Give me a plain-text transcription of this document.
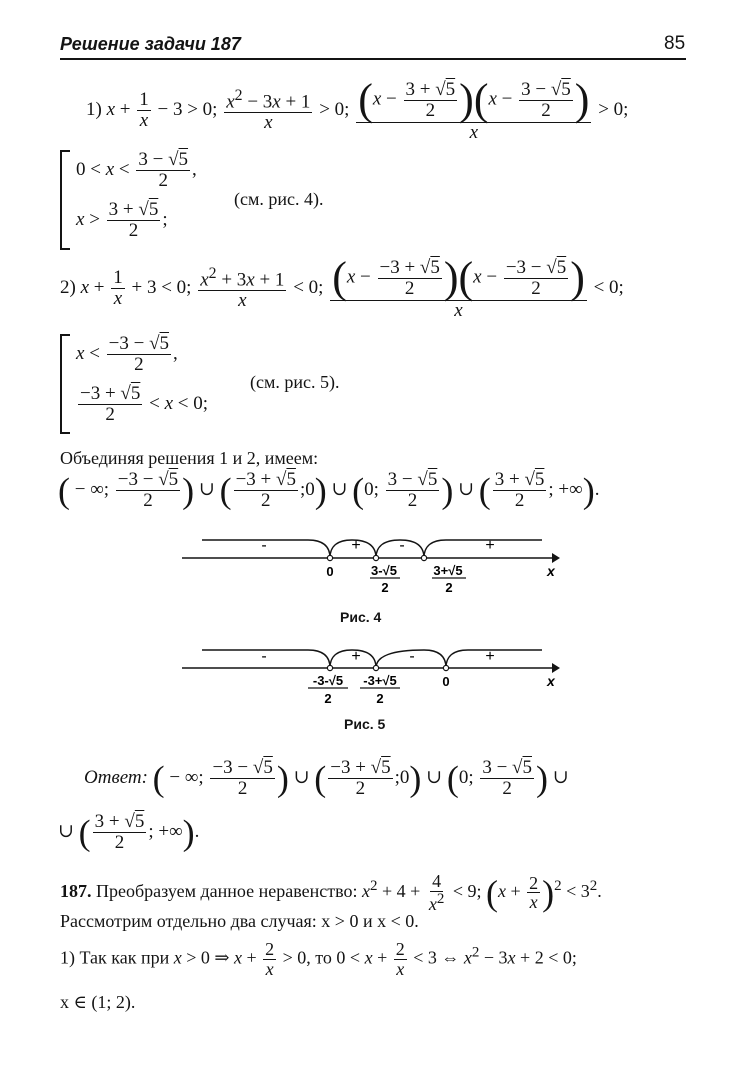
Решение задачи 187	85
1) $x + \frac{1}{x} - 3 > 0$; $\frac{x^2 - 3x + 1}{x} > 0$; $\frac{(x - \frac{3 + √5}{2} )(x - \frac{3 - √5}{2} )}{x} > 0$;
$0 < x < \frac{3 - √5}{2}$ ,
$x > \frac{3 + √5}{2}$ ;
(см. рис. 4).
2) $x + \frac{1}{x} + 3 < 0$; $\frac{x^2 + 3x + 1}{x} < 0$; $\frac{(x - \frac{-3 + √5}{2} )(x - \frac{-3 - √5}{2} )}{x} < 0$;
$x < \frac{-3 - √5}{2}$ ,
$\frac{-3 + √5}{2} < x < 0$;
(см. рис. 5).
Объединяя решения 1 и 2, имеем:
( − ∞; $\frac{-3 - √5}{2}$ ) ∪ ( $\frac{-3 + √5}{2}$ ;0) ∪ (0; $\frac{3 - √5}{2}$ ) ∪ ( $\frac{3 + √5}{2}$ ; +∞).
-	+ -	+
0	3-√5
2
3+√5
2
x
Рис. 4
-	+	-	+
-3-√5
2
-3+√5
2
0	x
Рис. 5
Ответ: ( − ∞; $\frac{-3 - √5}{2}$ ) ∪ ( $\frac{-3 + √5}{2}$ ;0) ∪ (0; $\frac{3 - √5}{2}$ ) ∪
∪ ( $\frac{3 + √5}{2}$ ; +∞).
187. Преобразуем данное неравенство: $x^2 + 4 + \frac{4}{x^2} < 9$; $(x + \frac{2}{x} )^2 < 3^2$.
Рассмотрим отдельно два случая: x > 0 и x < 0.
1) Так как при x > 0 ⇒ $x + \frac{2}{x} > 0$, то $0 < x + \frac{2}{x} < 3$ ⇔ $x^2 - 3x + 2 < 0$;
x ∈ (1; 2).
